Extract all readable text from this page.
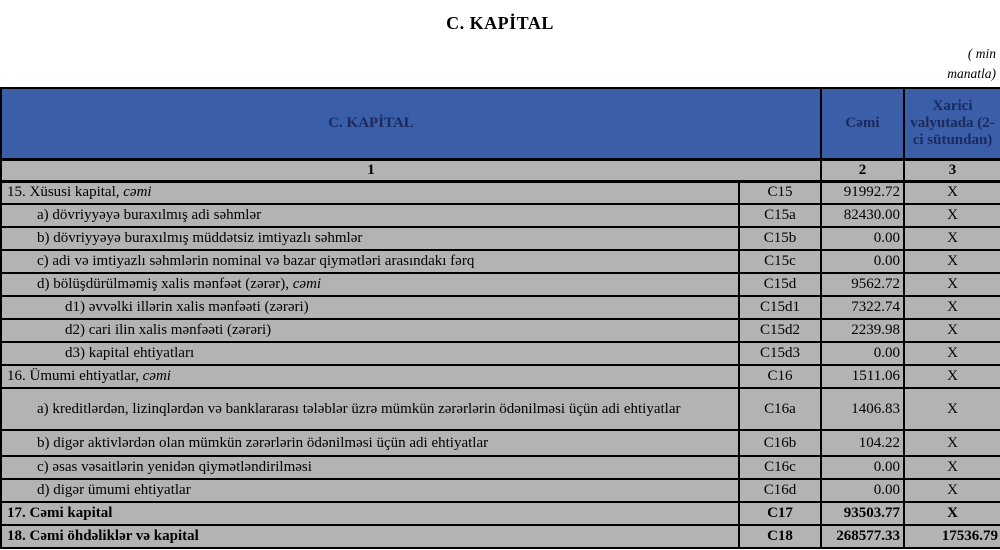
C. KAPİTAL
( min
manatla)
C. KAPİTAL		Cəmi	Xarici valyutada (2-ci sütundan)
1		2	3
15. Xüsusi kapital, cəmi	C15	91992.72	X
a) dövriyyəyə buraxılmış adi səhmlər	C15a	82430.00	X
b) dövriyyəyə buraxılmış müddətsiz imtiyazlı səhmlər	C15b	0.00	X
c) adi və imtiyazlı səhmlərin nominal və bazar qiymətləri arasındakı fərq	C15c	0.00	X
d) bölüşdürülməmiş xalis mənfəət (zərər), cəmi	C15d	9562.72	X
d1) əvvəlki illərin xalis mənfəəti (zərəri)	C15d1	7322.74	X
d2) cari ilin xalis mənfəəti (zərəri)	C15d2	2239.98	X
d3) kapital ehtiyatları	C15d3	0.00	X
16. Ümumi ehtiyatlar, cəmi	C16	1511.06	X
a) kreditlərdən, lizinqlərdən və banklararası tələblər üzrə mümkün zərərlərin ödənilməsi üçün adi ehtiyatlar	C16a	1406.83	X
b) digər aktivlərdən olan mümkün zərərlərin ödənilməsi üçün adi ehtiyatlar	C16b	104.22	X
c) əsas vəsaitlərin yenidən qiymətləndirilməsi	C16c	0.00	X
d) digər ümumi ehtiyatlar	C16d	0.00	X
17. Cəmi kapital	C17	93503.77	X
18. Cəmi öhdəliklər və kapital	C18	268577.33	17536.79
